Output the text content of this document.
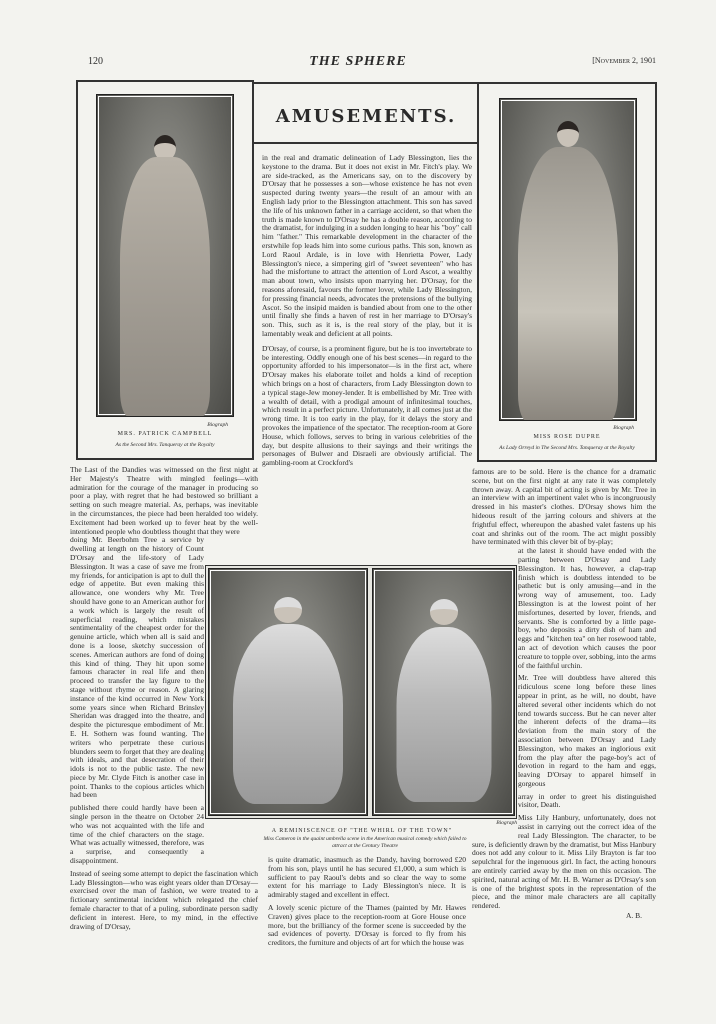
120	THE SPHERE	[November 2, 1901
Biograph
MRS. PATRICK CAMPBELL
As the Second Mrs. Tanqueray at the Royalty
AMUSEMENTS.
Biograph
MISS ROSE DUPRE
As Lady Orreyd in The Second Mrs. Tanqueray at the Royalty

in the real and dramatic delineation of Lady Blessington, lies the keystone to the drama. But it does not exist in Mr. Fitch's play. We are side-tracked, as the Americans say, on to the discovery by D'Orsay that he possesses a son—whose existence he has not even suspected during twenty years—the result of an amour with an English lady prior to the Blessington attachment. This son has saved the life of his unknown father in a carriage accident, so that when the truth is made known to D'Orsay he has a double reason, according to the dramatist, for indulging in a sudden longing to hear his "boy" call him "father." This remarkable development in the character of the erstwhile fop leads him into some curious paths. This son, known as Lord Raoul Ardale, is in love with Henrietta Power, Lady Blessington's niece, a simpering girl of "sweet seventeen" who has had the misfortune to attract the attention of Lord Ascot, a wealthy man about town, who insists upon marrying her. D'Orsay, for the reasons aforesaid, favours the former lover, while Lady Blessington, for pressing financial needs, advocates the pretensions of the bullying Ascot. So the insipid maiden is bandied about from one to the other until finally she finds a haven of rest in her marriage to D'Orsay's son. This, such as it is, is the real story of the play, but it is lamentably weak and deficient at all points.

D'Orsay, of course, is a prominent figure, but he is too invertebrate to be interesting. Oddly enough one of his best scenes—in regard to the opportunity afforded to his impersonator—is in the first act, where D'Orsay makes his elaborate toilet and holds a kind of reception which brings on a host of characters, from Lady Blessington down to a typical stage-Jew money-lender. It is embellished by Mr. Tree with a wealth of detail, with a prodigal amount of infinitesimal touches, which result in a perfect picture. Unfortunately, it all comes just at the wrong time. It is too early in the play, for it delays the story and provokes the impatience of the spectator. The reception-room at Gore House, which follows, serves to bring in various celebrities of the day, but despite allusions to their sayings and their writings the personages of Bulwer and Disraeli are obviously artificial. The gambling-room at Crockford's

The Last of the Dandies was witnessed on the first night at Her Majesty's Theatre with mingled feelings—with admiration for the courage of the manager in producing so poor a play, with regret that he had bestowed so brilliant a setting on such meagre material. As, perhaps, was inevitable in the circumstances, the piece had been heralded too widely. Excitement had been worked up to fever heat by the well-intentioned people who doubtless thought that they were

doing Mr. Beerbohm Tree a service by dwelling at length on the history of Count D'Orsay and the life-story of Lady Blessington. It was a case of save me from my friends, for anticipation is apt to dull the edge of appetite. But even making this allowance, one wonders why Mr. Tree should have gone to an American author for a work which is largely the result of superficial reading, which mistakes sentimentality of the cheapest order for the genuine article, which when all is said and done is a loose, sketchy succession of scenes. American authors are fond of doing this kind of thing. They hit upon some famous character in real life and then proceed to transfer the lay figure to the stage without rhyme or reason. A glaring instance of the kind occurred in New York some years since when Richard Brinsley Sheridan was dragged into the theatre, and despite the picturesque embodiment of Mr. E. H. Sothern was found wanting. The writers who perpetrate these curious blunders seem to forget that they are dealing with ideals, and that desecration of their idols is not to the public taste. The new piece by Mr. Clyde Fitch is another case in point. Thanks to the copious articles which had been

published there could hardly have been a single person in the theatre on October 24 who was not acquainted with the life and time of the chief characters on the stage. What was actually witnessed, therefore, was a surprise, and consequently a disappointment.

Instead of seeing some attempt to depict the fascination which Lady Blessington—who was eight years older than D'Orsay—exercised over the man of fashion, we were treated to a fictionary sentimental incident which relegated the chief female character to that of a puling, subordinate person sadly deficient in interest. Here, to my mind, in the effective drawing of D'Orsay,

Biograph
A REMINISCENCE OF "THE WHIRL OF THE TOWN"
Miss Cameron in the quaint umbrella scene in the American musical comedy which failed to attract at the Century Theatre

is quite dramatic, inasmuch as the Dandy, having borrowed £20 from his son, plays until he has secured £1,000, a sum which is sufficient to pay Raoul's debts and so clear the way to some extent for his marriage to Lady Blessington's niece. It is admirably staged and excellent in effect.

A lovely scenic picture of the Thames (painted by Mr. Hawes Craven) gives place to the reception-room at Gore House once more, but the brilliancy of the former scene is succeeded by the sad evidences of poverty. D'Orsay is forced to fly from his creditors, the furniture and objects of art for which the house was

famous are to be sold. Here is the chance for a dramatic scene, but on the first night at any rate it was completely thrown away. A capital bit of acting is given by Mr. Tree in an interview with an impertinent valet who is incongruously dressed in his master's clothes. D'Orsay shows him the hideous result of the jarring colours and shivers at the frightful effect, whereupon the abashed valet fastens up his coat and shrinks out of the room. The act might possibly have terminated with this clever bit of by-play;

at the latest it should have ended with the parting between D'Orsay and Lady Blessington. It has, however, a clap-trap finish which is doubtless intended to be pathetic but is only amusing—and in the wrong way of amusement, too. Lady Blessington is at the lowest point of her misfortunes, deserted by lover, friends, and servants. She is comforted by a little page-boy, who deposits a dirty dish of ham and eggs and "kitchen tea" on her rosewood table, an act of devotion which causes the poor creature to topple over, sobbing, into the arms of the faithful urchin.

Mr. Tree will doubtless have altered this ridiculous scene long before these lines appear in print, as he will, no doubt, have altered several other incidents which do not tend towards success. But he can never alter the inherent defects of the drama—its deviation from the main story of the association between D'Orsay and Lady Blessington, who makes an inglorious exit from the play after the page-boy's act of devotion in regard to the ham and eggs, leaving D'Orsay to apparel himself in gorgeous

array in order to greet his distinguished visitor, Death.

Miss Lily Hanbury, unfortunately, does not assist in carrying out the correct idea of the real Lady Blessington. The character, to be sure, is deficiently drawn by the dramatist, but Miss Hanbury does not add any colour to it. Miss Lily Brayton is far too sepulchral for the ingenuous girl. In fact, the acting honours are entirely carried away by the men on this occasion. The spirited, natural acting of Mr. H. B. Warner as D'Orsay's son is one of the brightest spots in the representation of the piece, and the minor male characters are all capitally rendered.

A. B.
